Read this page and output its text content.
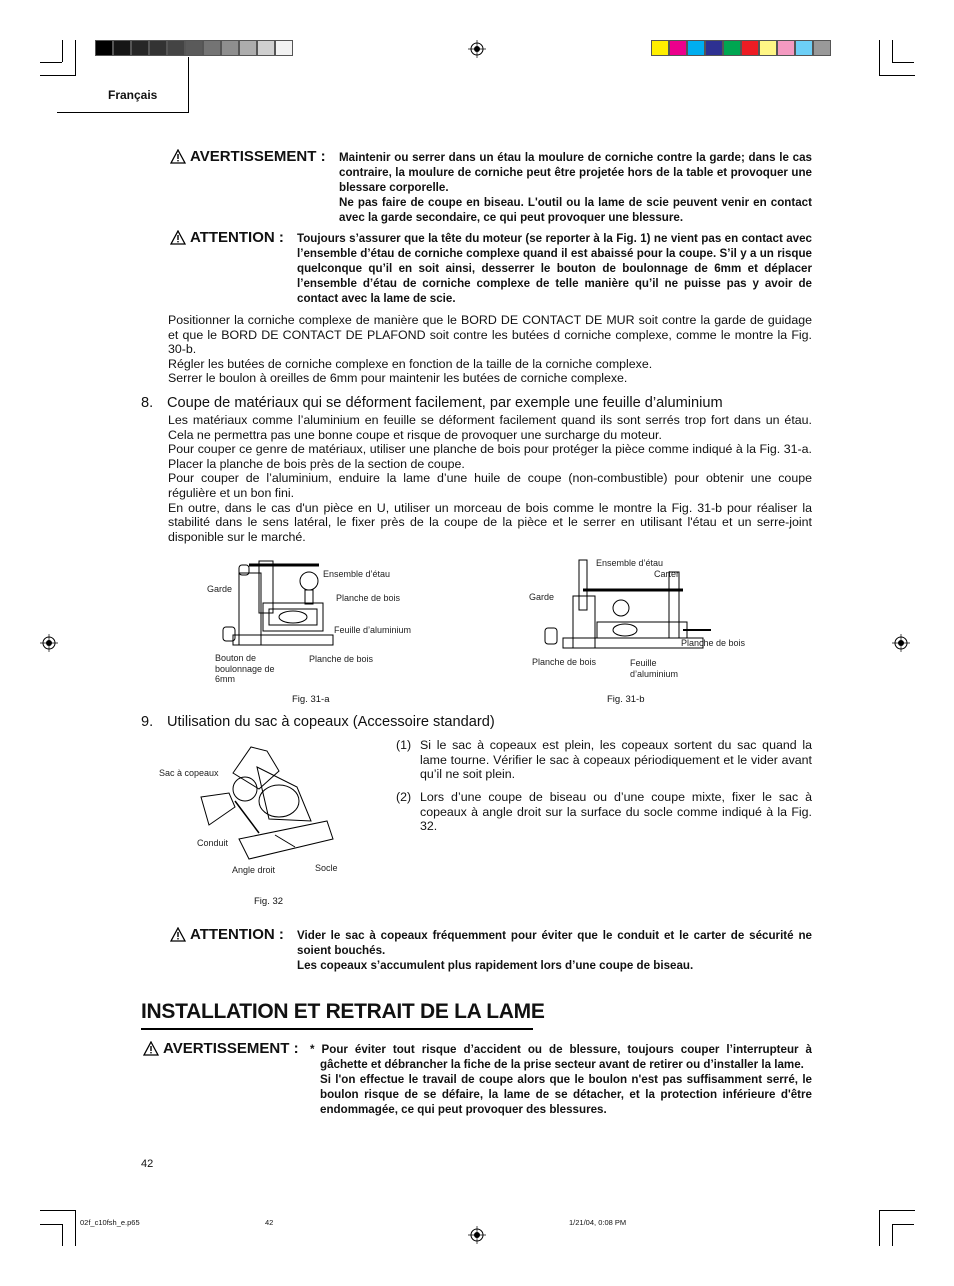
Français
AVERTISSEMENT : Maintenir ou serrer dans un étau la moulure de corniche contre la garde; dans le cas contraire, la moulure de corniche peut être projetée hors de la table et provoquer une blessare corporelle.
Ne pas faire de coupe en biseau. L'outil ou la lame de scie peuvent venir en contact avec la garde secondaire, ce qui peut provoquer une blessure.
ATTENTION : Toujours s’assurer que la tête du moteur (se reporter à la Fig. 1) ne vient pas en contact avec l’ensemble d’étau de corniche complexe quand il est abaissé pour la coupe. S’il y a un risque quelconque qu’il en soit ainsi, desserrer le bouton de boulonnage de 6mm et déplacer l’ensemble d’étau de corniche complexe de telle manière qu’il ne puisse pas y avoir de contact avec la lame de scie.
Positionner la corniche complexe de manière que le BORD DE CONTACT DE MUR soit contre la garde de guidage et que le BORD DE CONTACT DE PLAFOND soit contre les butées d corniche complexe, comme le montre la Fig. 30-b.
Régler les butées de corniche complexe en fonction de la taille de la corniche complexe.
Serrer le boulon à oreilles de 6mm pour maintenir les butées de corniche complexe.
8. Coupe de matériaux qui se déforment facilement, par exemple une feuille d’aluminium
Les matériaux comme l’aluminium en feuille se déforment facilement quand ils sont serrés trop fort dans un étau. Cela ne permettra pas une bonne coupe et risque de provoquer une surcharge du moteur.
Pour couper ce genre de matériaux, utiliser une planche de bois pour protéger la pièce comme indiqué à la Fig. 31-a. Placer la planche de bois près de la section de coupe.
Pour couper de l’aluminium, enduire la lame d’une huile de coupe (non-combustible) pour obtenir une coupe régulière et un bon fini.
En outre, dans le cas d'un pièce en U, utiliser un morceau de bois comme le montre la Fig. 31-b pour réaliser la stabilité dans le sens latéral, le fixer près de la coupe de la pièce et le serrer en utilisant l'étau et un serre-joint disponible sur le marché.
Ensemble d’étau
Garde
Planche de bois
Feuille d’aluminium
Planche de bois
Bouton de
boulonnage de
6mm
Fig. 31-a
Ensemble d’étau
Carter
Garde
Planche de bois
Planche de bois	Feuille
d’aluminium
Fig. 31-b
9. Utilisation du sac à copeaux (Accessoire standard)
Sac à copeaux
Conduit
Socle
Angle droit
Fig. 32
(1) Si le sac à copeaux est plein, les copeaux sortent du sac quand la lame tourne. Vérifier le sac à copeaux périodiquement et le vider avant qu’il ne soit plein.
(2) Lors d’une coupe de biseau ou d’une coupe mixte, fixer le sac à copeaux à angle droit sur la surface du socle comme indiqué à la Fig. 32.
ATTENTION : Vider le sac à copeaux fréquemment pour éviter que le conduit et le carter de sécurité ne soient bouchés.
Les copeaux s’accumulent plus rapidement lors d’une coupe de biseau.
INSTALLATION ET RETRAIT DE LA LAME
AVERTISSEMENT : * Pour éviter tout risque d’accident ou de blessure, toujours couper l’interrupteur à gâchette et débrancher la fiche de la prise secteur avant de retirer ou d’installer la lame.
Si l'on effectue le travail de coupe alors que le boulon n'est pas suffisamment serré, le boulon risque de se défaire, la lame de se détacher, et la protection inférieure d'être endommagée, ce qui peut provoquer des blessures.
42
02f_c10fsh_e.p65	42	1/21/04, 0:08 PM
